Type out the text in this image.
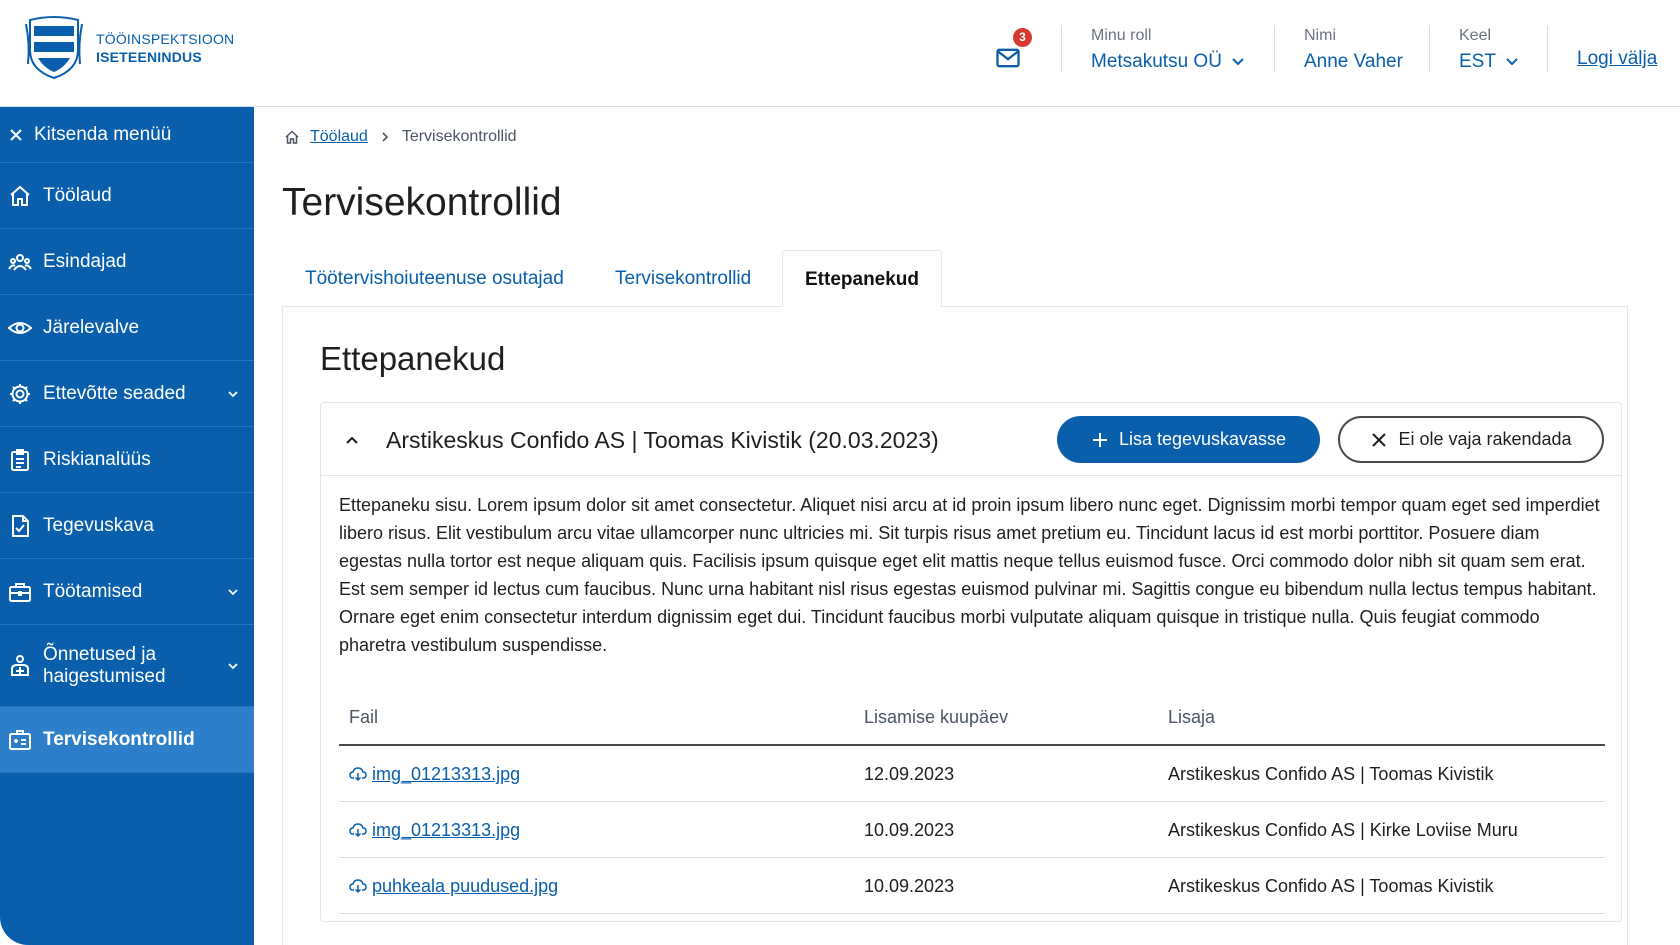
TÖÖINSPEKTSIOON
ISETEENINDUS
3	Minu roll
Metsakutsu OÜ
Nimi
Anne Vaher
Keel
EST	Logi välja
Kitsenda menüü
Töölaud
Esindajad
Järelevalve
Ettevõtte seaded
Riskianalüüs
Tegevuskava
Töötamised
Õnnetused ja
haigestumised
Tervisekontrollid
Töölaud Tervisekontrollid
Tervisekontrollid
Töötervishoiuteenuse osutajad	Tervisekontrollid	Ettepanekud
Ettepanekud
Arstikeskus Confido AS | Toomas Kivistik (20.03.2023)	Lisa tegevuskavasse	Ei ole vaja rakendada

Ettepaneku sisu. Lorem ipsum dolor sit amet consectetur. Aliquet nisi arcu at id proin ipsum libero nunc eget. Dignissim morbi tempor quam eget sed imperdiet libero risus. Elit vestibulum arcu vitae ullamcorper nunc ultricies mi. Sit turpis risus amet pretium eu. Tincidunt lacus id est morbi porttitor. Posuere diam egestas nulla tortor est neque aliquam quis. Facilisis ipsum quisque eget elit mattis neque tellus euismod fusce. Orci commodo dolor nibh sit quam sem erat. Est sem semper id lectus cum faucibus. Nunc urna habitant nisl risus egestas euismod pulvinar mi. Sagittis congue eu bibendum nulla lectus tempus habitant. Ornare eget enim consectetur interdum dignissim eget dui. Tincidunt faucibus morbi vulputate aliquam quisque in tristique nulla. Quis feugiat commodo pharetra vestibulum suspendisse.

Fail	Lisamise kuupäev	Lisaja
img_01213313.jpg	12.09.2023	Arstikeskus Confido AS | Toomas Kivistik
img_01213313.jpg	10.09.2023	Arstikeskus Confido AS | Kirke Loviise Muru
puhkeala puudused.jpg	10.09.2023	Arstikeskus Confido AS | Toomas Kivistik
